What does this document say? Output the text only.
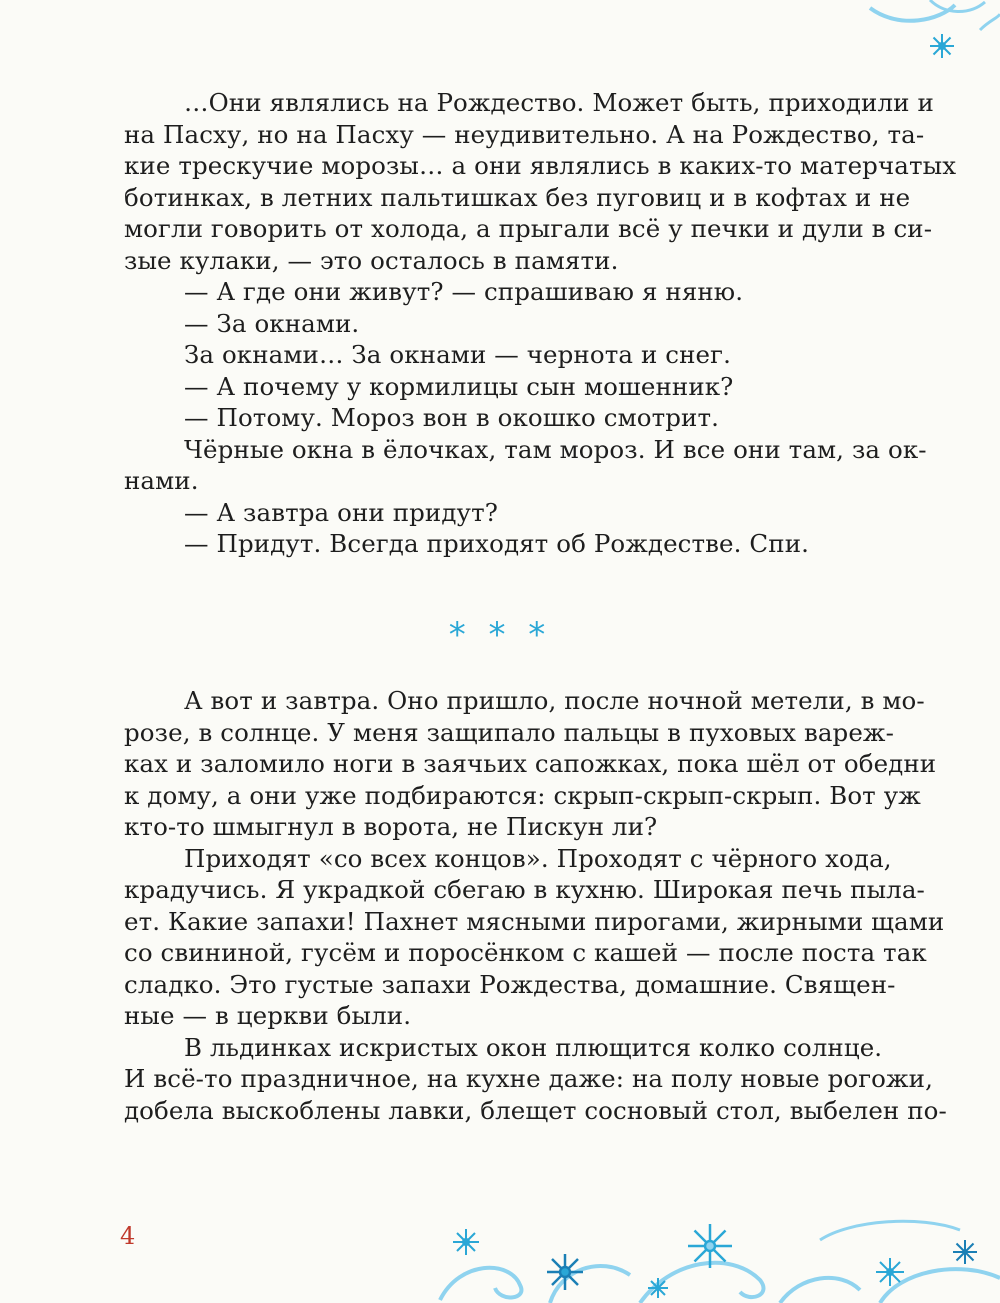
…Они являлись на Рождество. Может быть, приходили и
на Пасху, но на Пасху — неудивительно. А на Рождество, та-
кие трескучие морозы… а они являлись в каких-то матерчатых
ботинках, в летних пальтишках без пуговиц и в кофтах и не
могли говорить от холода, а прыгали всё у печки и дули в си-
зые кулаки, — это осталось в памяти.
— А где они живут? — спрашиваю я няню.
— За окнами.
За окнами… За окнами — чернота и снег.
— А почему у кормилицы сын мошенник?
— Потому. Мороз вон в окошко смотрит.
Чёрные окна в ёлочках, там мороз. И все они там, за ок-
нами.
— А завтра они придут?
— Придут. Всегда приходят об Рождестве. Спи.
* * *
А вот и завтра. Оно пришло, после ночной метели, в мо-
розе, в солнце. У меня защипало пальцы в пуховых вареж-
ках и заломило ноги в заячьих сапожках, пока шёл от обедни
к дому, а они уже подбираются: скрып-скрып-скрып. Вот уж
кто-то шмыгнул в ворота, не Пискун ли?
Приходят «со всех концов». Проходят с чёрного хода,
крадучись. Я украдкой сбегаю в кухню. Широкая печь пыла-
ет. Какие запахи! Пахнет мясными пирогами, жирными щами
со свининой, гусём и поросёнком с кашей — после поста так
сладко. Это густые запахи Рождества, домашние. Священ-
ные — в церкви были.
В льдинках искристых окон плющится колко солнце.
И всё-то праздничное, на кухне даже: на полу новые рогожи,
добела выскоблены лавки, блещет сосновый стол, выбелен по-
4
